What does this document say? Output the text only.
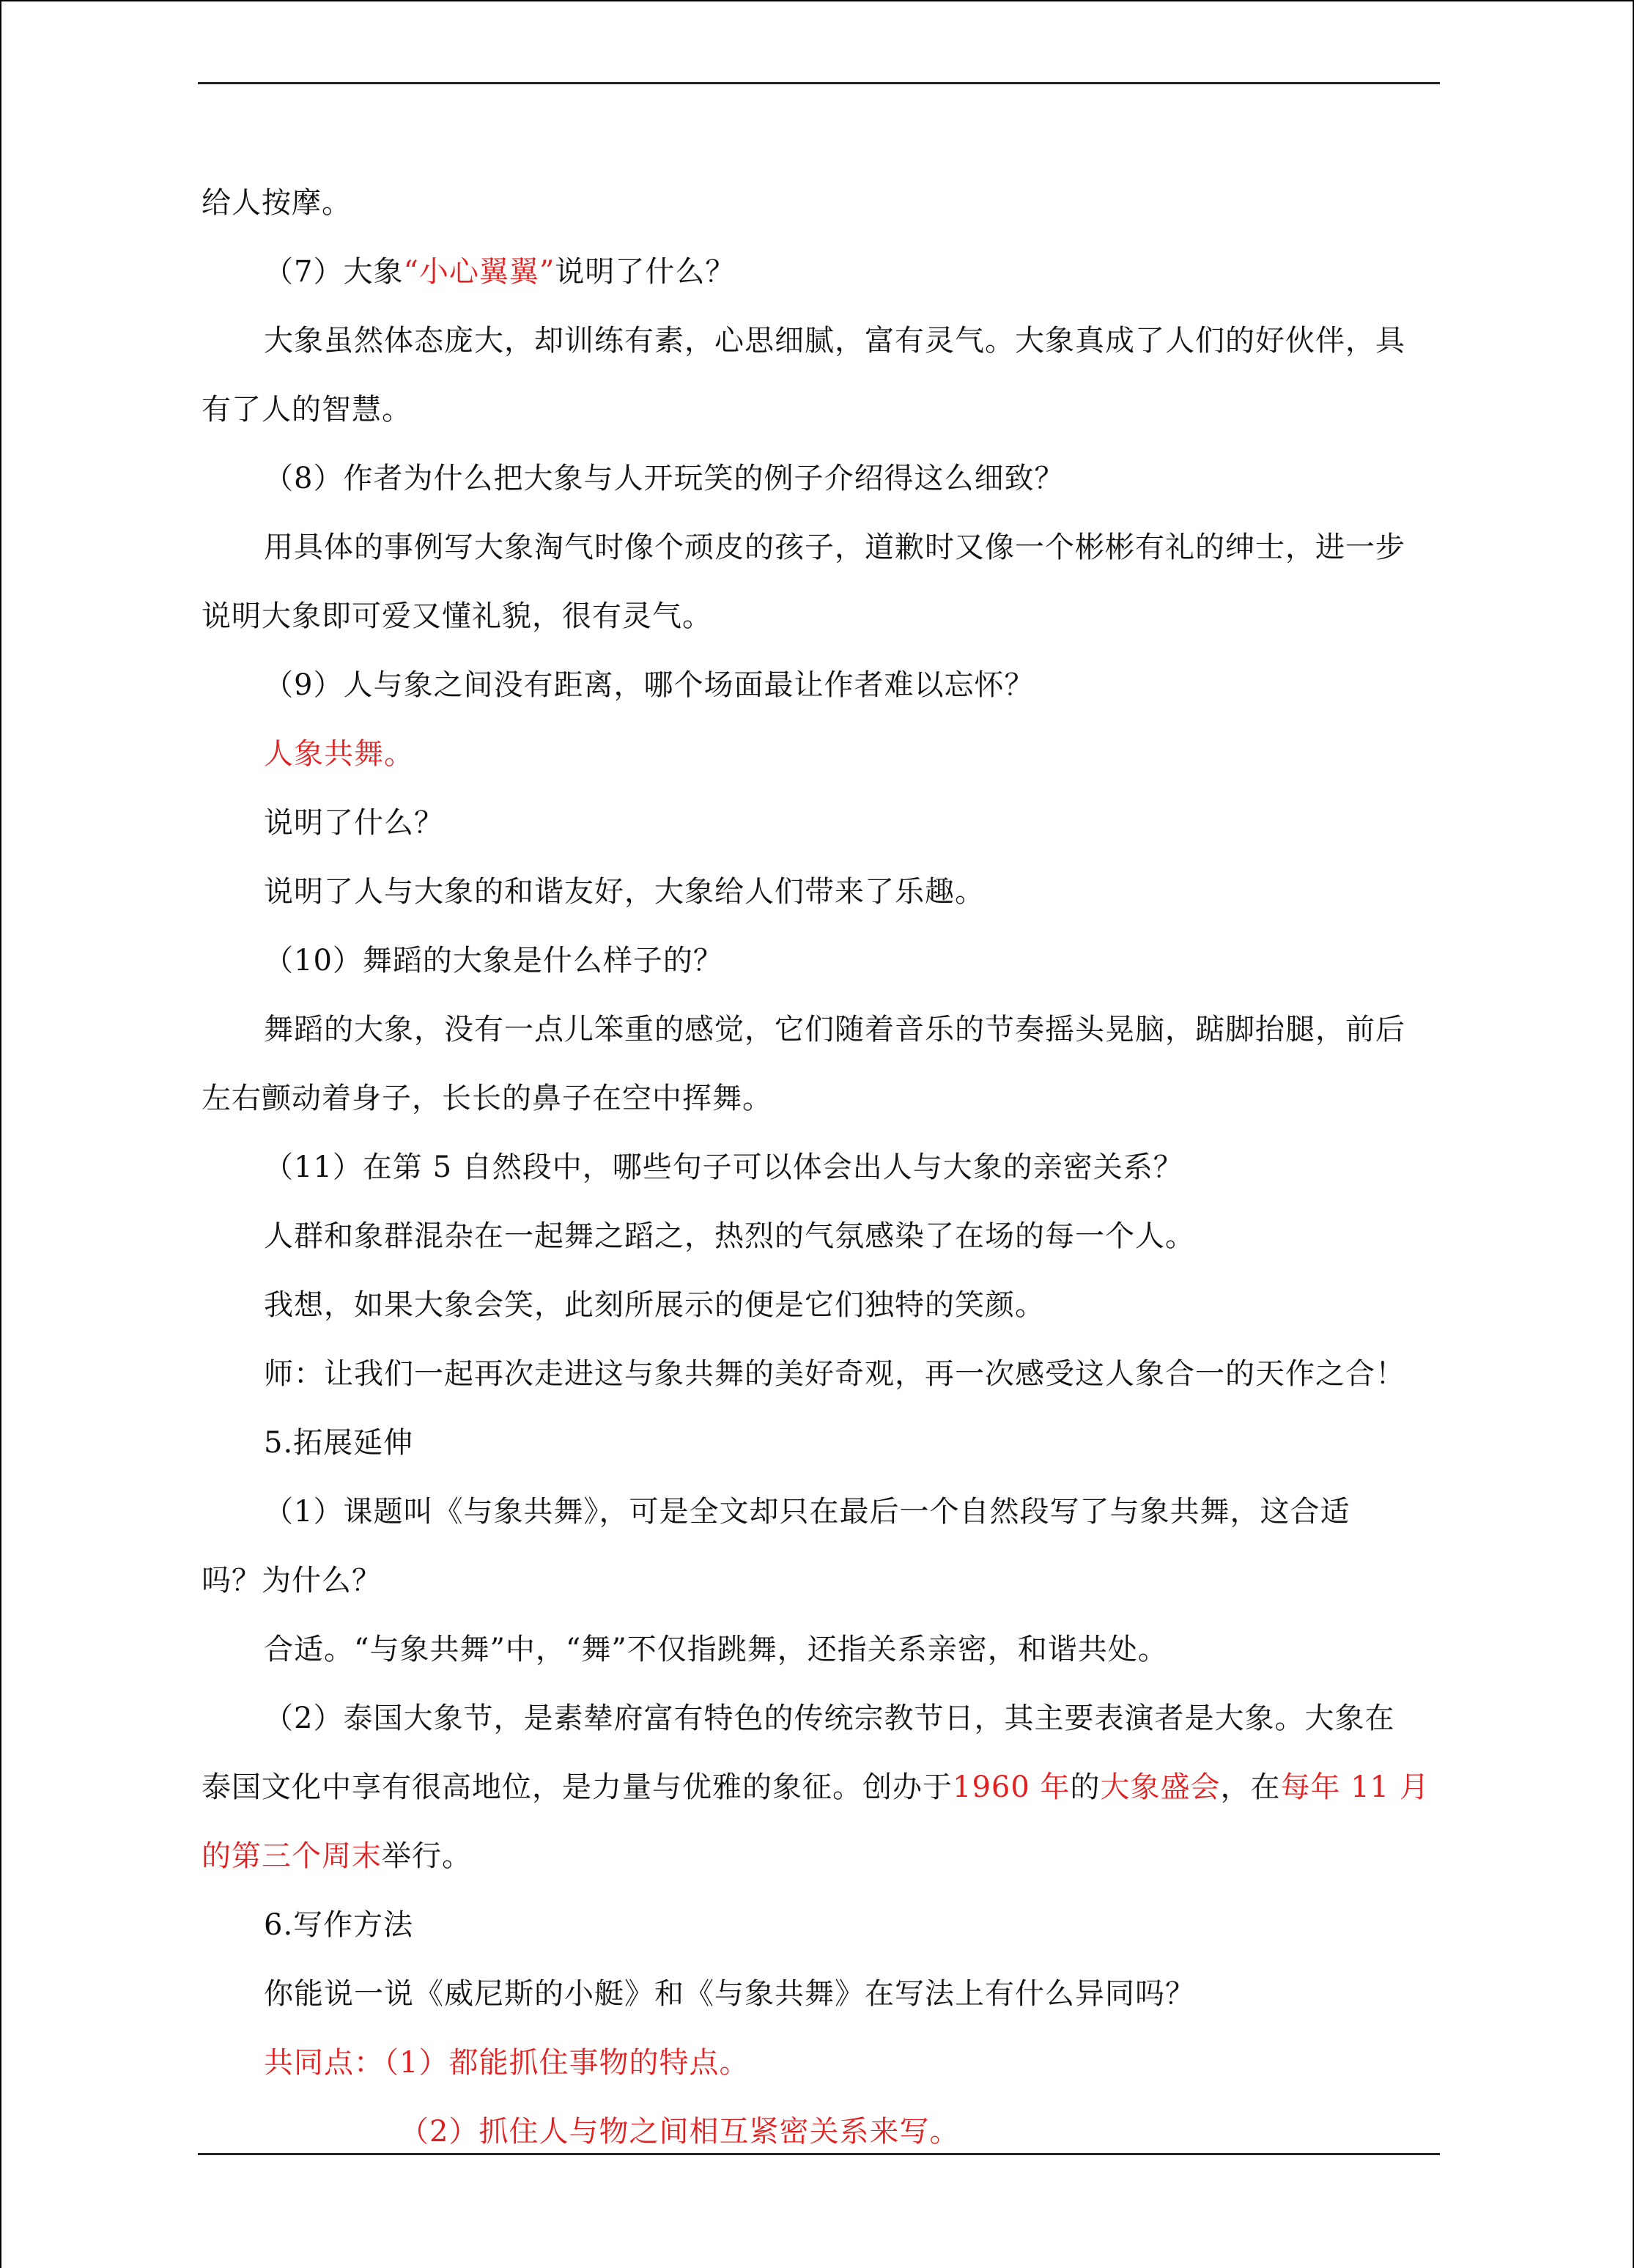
给人按摩。
（7）大象“小心翼翼”说明了什么？
大象虽然体态庞大，却训练有素，心思细腻，富有灵气。大象真成了人们的好伙伴，具
有了人的智慧。
（8）作者为什么把大象与人开玩笑的例子介绍得这么细致？
用具体的事例写大象淘气时像个顽皮的孩子，道歉时又像一个彬彬有礼的绅士，进一步
说明大象即可爱又懂礼貌，很有灵气。
（9）人与象之间没有距离，哪个场面最让作者难以忘怀？
人象共舞。
说明了什么？
说明了人与大象的和谐友好，大象给人们带来了乐趣。
（10）舞蹈的大象是什么样子的？
舞蹈的大象，没有一点儿笨重的感觉，它们随着音乐的节奏摇头晃脑，踮脚抬腿，前后
左右颤动着身子，长长的鼻子在空中挥舞。
（11）在第 5 自然段中，哪些句子可以体会出人与大象的亲密关系？
人群和象群混杂在一起舞之蹈之，热烈的气氛感染了在场的每一个人。
我想，如果大象会笑，此刻所展示的便是它们独特的笑颜。
师：让我们一起再次走进这与象共舞的美好奇观，再一次感受这人象合一的天作之合！
5.拓展延伸
（1）课题叫《与象共舞》，可是全文却只在最后一个自然段写了与象共舞，这合适
吗？为什么？
合适。“与象共舞”中，“舞”不仅指跳舞，还指关系亲密，和谐共处。
（2）泰国大象节，是素辇府富有特色的传统宗教节日，其主要表演者是大象。大象在
泰国文化中享有很高地位，是力量与优雅的象征。创办于1960 年的大象盛会，在每年 11 月
的第三个周末举行。
6.写作方法
你能说一说《威尼斯的小艇》和《与象共舞》在写法上有什么异同吗？
共同点：（1）都能抓住事物的特点。
（2）抓住人与物之间相互紧密关系来写。
